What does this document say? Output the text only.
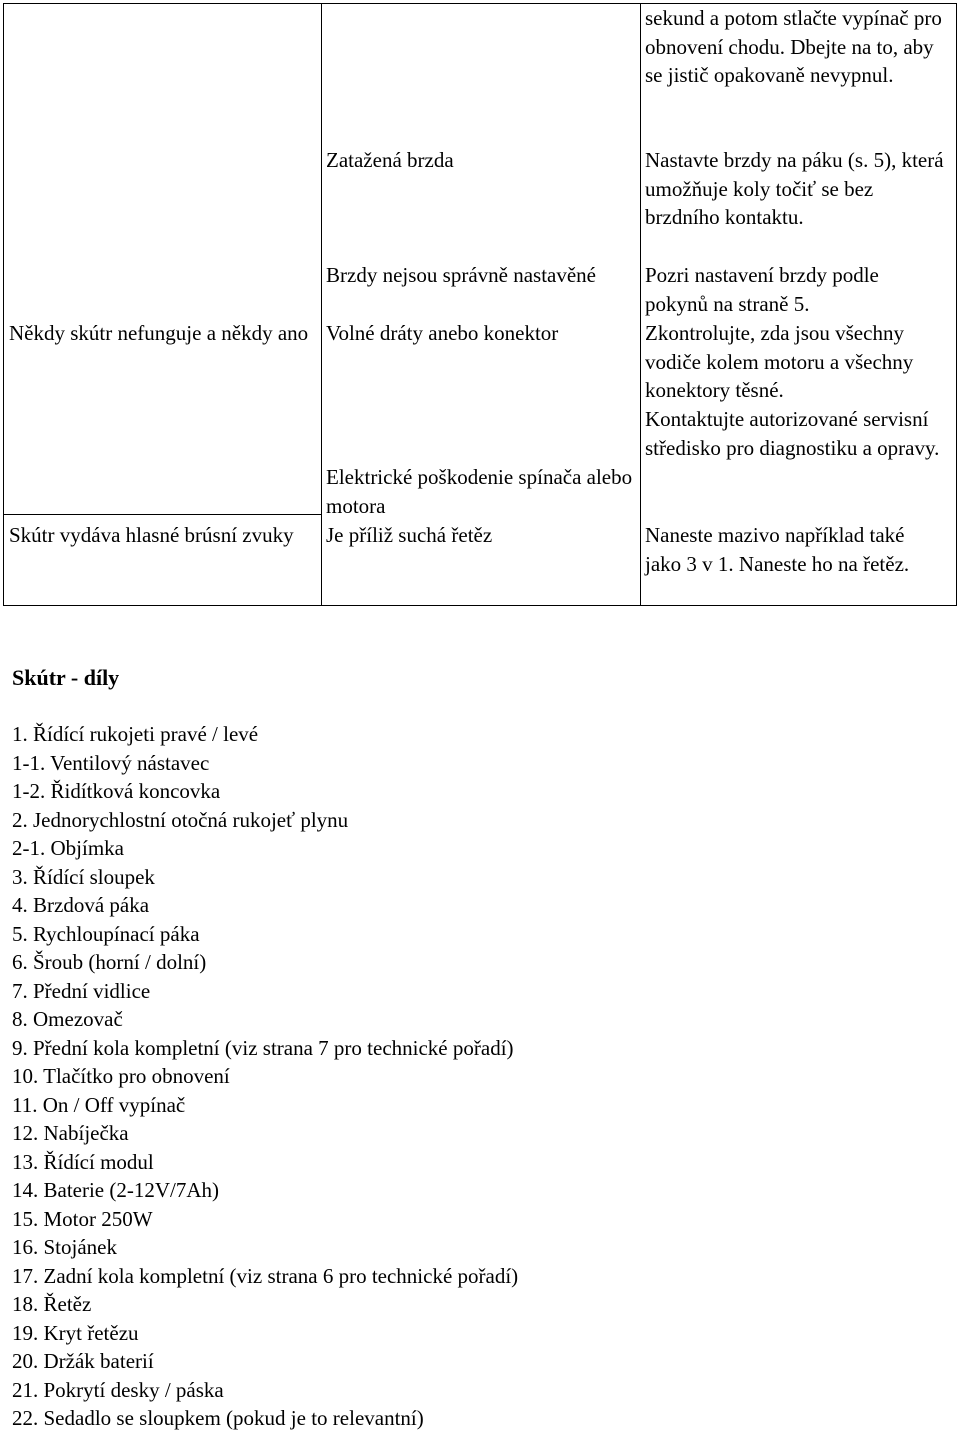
Někdy skútr nefunguje a někdy ano
Skútr vydáva hlasné brúsní zvuky
Zatažená brzda
Brzdy nejsou správně nastavěné
Volné dráty anebo konektor
Elektrické poškodenie spínača alebo motora
Je příliž suchá řetěz
sekund a potom stlačte vypínač pro obnovení chodu. Dbejte na to, aby se jistič opakovaně nevypnul.
Nastavte brzdy na páku (s. 5), která umožňuje koly točiť se bez brzdního kontaktu.
Pozri nastavení brzdy podle pokynů na straně 5.
Zkontrolujte, zda jsou všechny vodiče kolem motoru a všechny konektory těsné.
Kontaktujte autorizované servisní středisko pro diagnostiku a opravy.
Naneste mazivo například také jako 3 v 1. Naneste ho na řetěz.
Skútr - díly
1. Řídící rukojeti pravé / levé
1-1. Ventilový nástavec
1-2. Řidítková koncovka
2. Jednorychlostní otočná rukojeť plynu
2-1. Objímka
3. Řídící sloupek
4. Brzdová páka
5. Rychloupínací páka
6. Šroub (horní / dolní)
7. Přední vidlice
8. Omezovač
9. Přední kola kompletní (viz strana 7 pro technické pořadí)
10. Tlačítko pro obnovení
11. On / Off vypínač
12. Nabíječka
13. Řídící modul
14. Baterie (2-12V/7Ah)
15. Motor 250W
16. Stojánek
17. Zadní kola kompletní (viz strana 6 pro technické pořadí)
18. Řetěz
19. Kryt řetězu
20. Držák baterií
21. Pokrytí desky / páska
22. Sedadlo se sloupkem (pokud je to relevantní)
